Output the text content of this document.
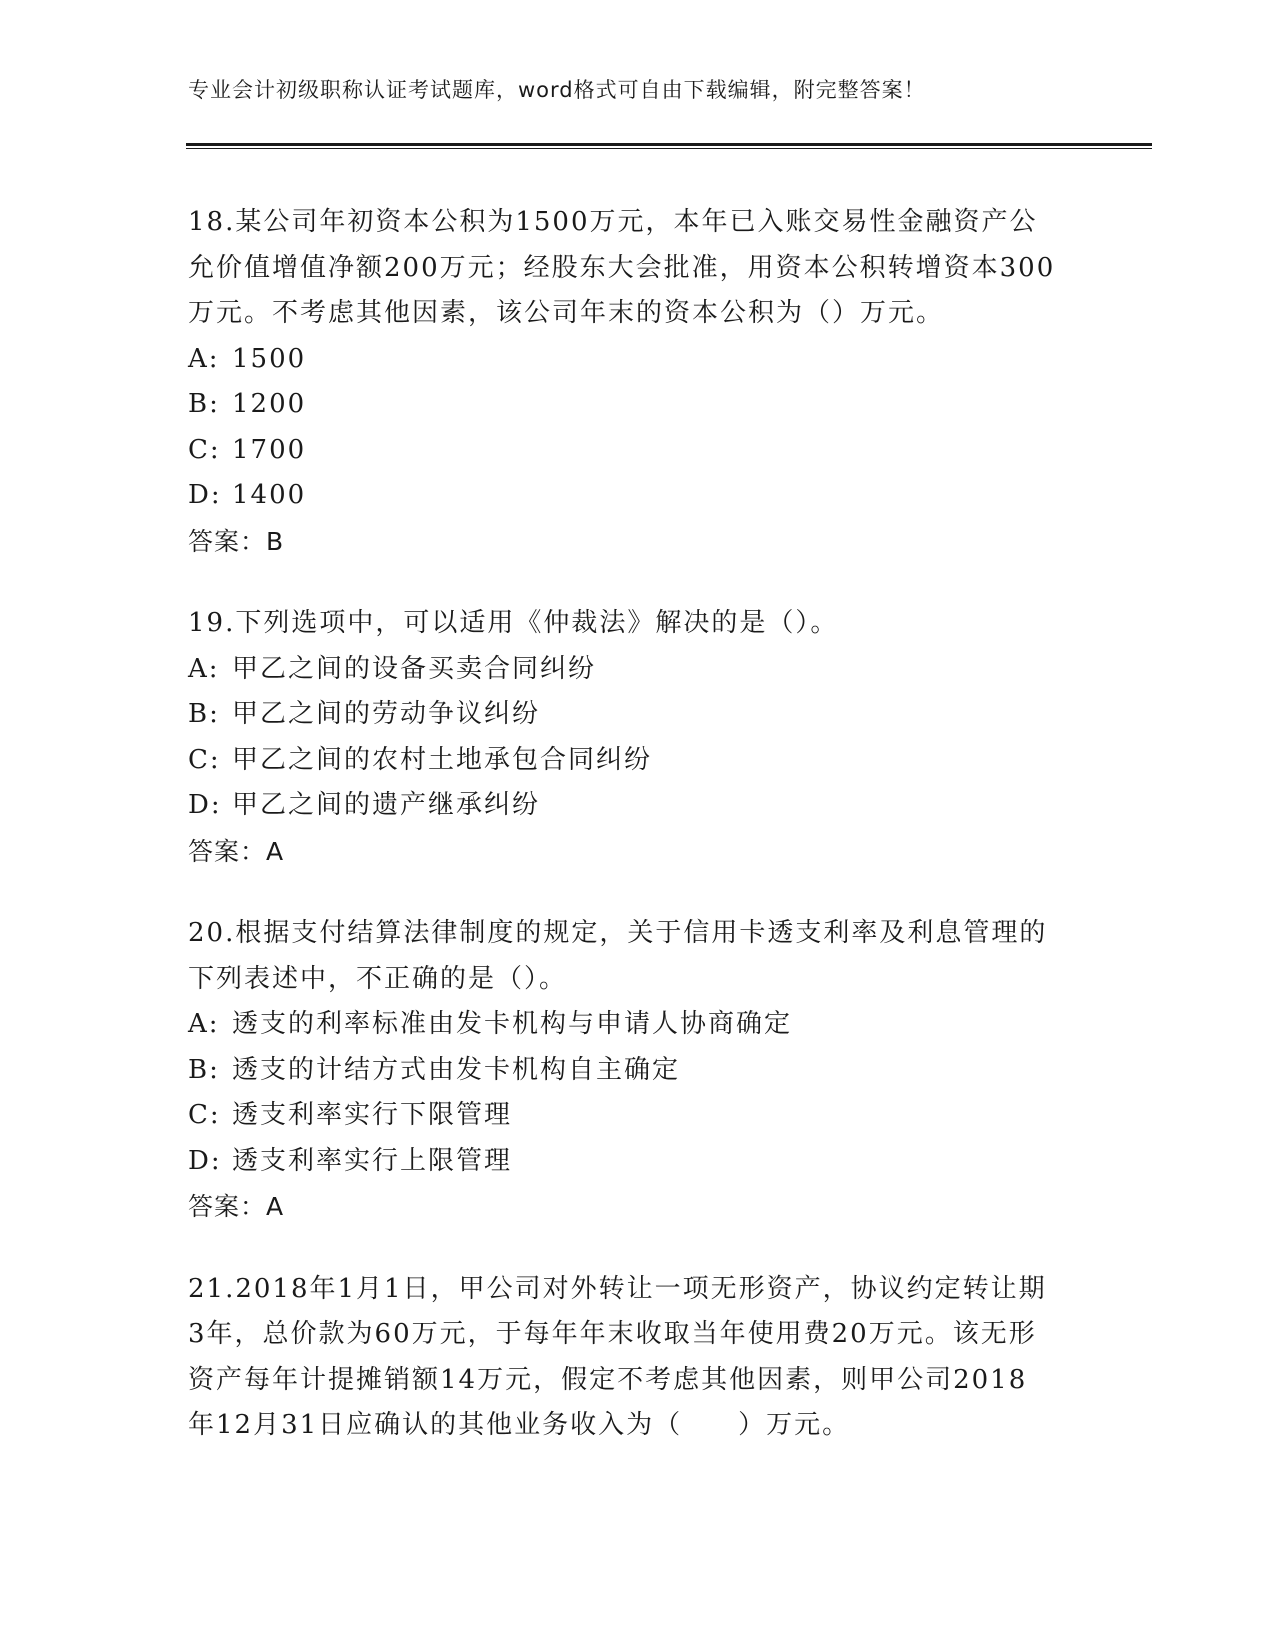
专业会计初级职称认证考试题库，word格式可自由下载编辑，附完整答案！

18.某公司年初资本公积为1500万元，本年已入账交易性金融资产公

允价值增值净额200万元；经股东大会批准，用资本公积转增资本300

万元。不考虑其他因素，该公司年末的资本公积为（）万元。

A: 1500

B: 1200

C: 1700

D: 1400

答案：B

19.下列选项中，可以适用《仲裁法》解决的是（）。

A: 甲乙之间的设备买卖合同纠纷

B: 甲乙之间的劳动争议纠纷

C: 甲乙之间的农村土地承包合同纠纷

D: 甲乙之间的遗产继承纠纷

答案：A

20.根据支付结算法律制度的规定，关于信用卡透支利率及利息管理的

下列表述中，不正确的是（）。

A: 透支的利率标准由发卡机构与申请人协商确定

B: 透支的计结方式由发卡机构自主确定

C: 透支利率实行下限管理

D: 透支利率实行上限管理

答案：A

21.2018年1月1日，甲公司对外转让一项无形资产，协议约定转让期

3年，总价款为60万元，于每年年末收取当年使用费20万元。该无形

资产每年计提摊销额14万元，假定不考虑其他因素，则甲公司2018

年12月31日应确认的其他业务收入为（　　）万元。
